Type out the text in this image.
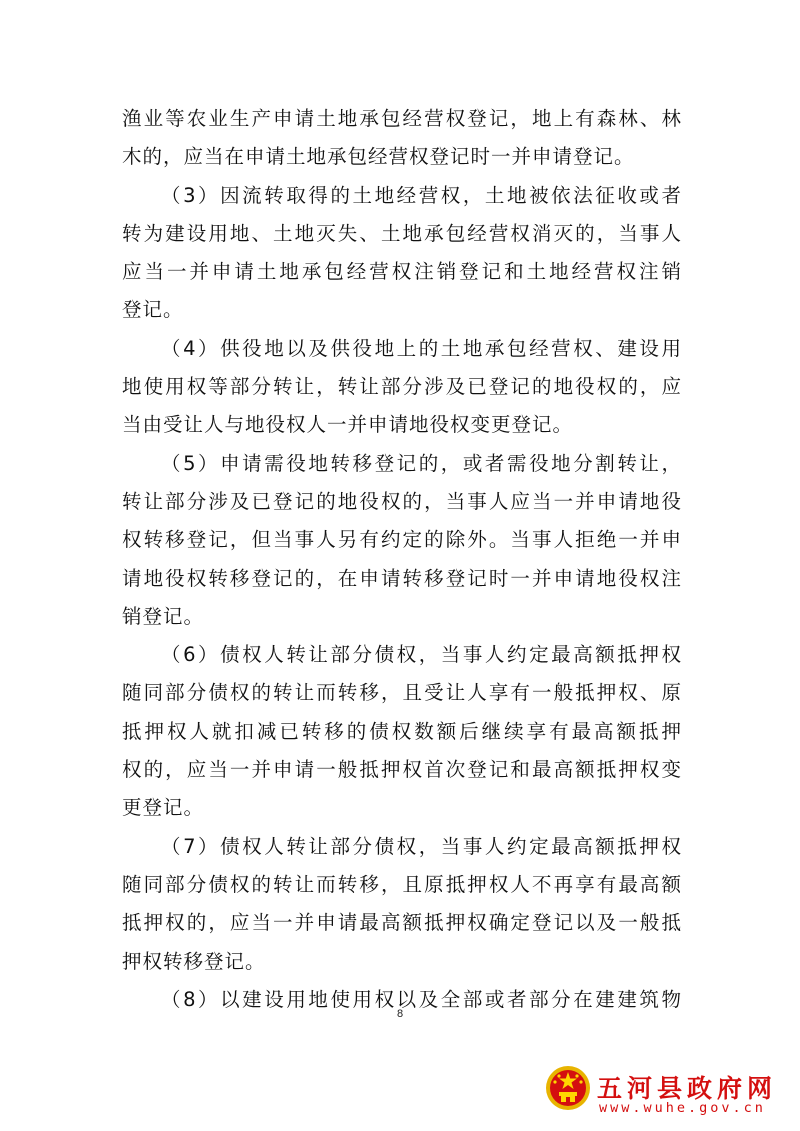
渔业等农业生产申请土地承包经营权登记，地上有森林、林
木的，应当在申请土地承包经营权登记时一并申请登记。
（3）因流转取得的土地经营权，土地被依法征收或者
转为建设用地、土地灭失、土地承包经营权消灭的，当事人
应当一并申请土地承包经营权注销登记和土地经营权注销
登记。
（4）供役地以及供役地上的土地承包经营权、建设用
地使用权等部分转让，转让部分涉及已登记的地役权的，应
当由受让人与地役权人一并申请地役权变更登记。
（5）申请需役地转移登记的，或者需役地分割转让，
转让部分涉及已登记的地役权的，当事人应当一并申请地役
权转移登记，但当事人另有约定的除外。当事人拒绝一并申
请地役权转移登记的，在申请转移登记时一并申请地役权注
销登记。
（6）债权人转让部分债权，当事人约定最高额抵押权
随同部分债权的转让而转移，且受让人享有一般抵押权、原
抵押权人就扣减已转移的债权数额后继续享有最高额抵押
权的，应当一并申请一般抵押权首次登记和最高额抵押权变
更登记。
（7）债权人转让部分债权，当事人约定最高额抵押权
随同部分债权的转让而转移，且原抵押权人不再享有最高额
抵押权的，应当一并申请最高额抵押权确定登记以及一般抵
押权转移登记。
（8）以建设用地使用权以及全部或者部分在建建筑物
8
五河县政府网
www.wuhe.gov.cn
